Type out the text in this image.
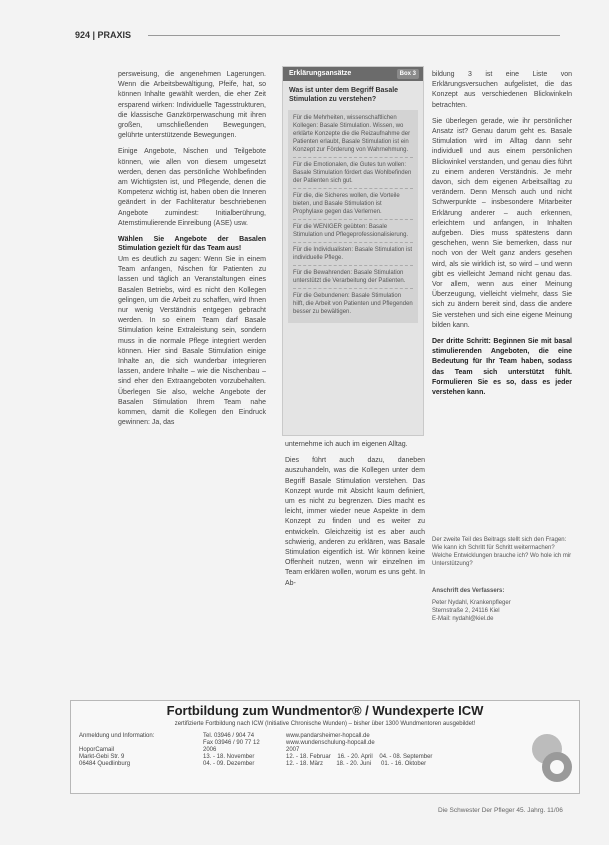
924 | PRAXIS

persweisung, die angenehmen Lagerungen. Wenn die Arbeitsbewältigung, Pfeife, hat, so können Inhalte gewählt werden, die eher Zeit ersparend wirken: Individuelle Tagesstrukturen, die klassische Ganzkörperwaschung mit ihren großen, umschließenden Bewegungen, gelührte unterstützende Bewegungen.

Einige Angebote, Nischen und Teilgebote können, wie allen von diesem umgesetzt werden, denen das persönliche Wohlbefinden am Wichtigsten ist, und Pflegende, denen die Kompetenz wichtig ist, haben oben die Inneren geändert in der Fachliteratur beschriebenen Angebote zumindest: Initialberührung, Atemstimulierende Einreibung (ASE) usw.

Wählen Sie Angebote der Basalen Stimulation gezielt für das Team aus!

Um es deutlich zu sagen: Wenn Sie in einem Team anfangen, Nischen für Patienten zu lassen und täglich an Veranstaltungen eines Basalen Betriebs, wird es nicht den Kollegen gelingen, um die Arbeit zu schaffen, wird Ihnen nur wenig Verständnis entgegen gebracht werden. In so einem Team darf Basale Stimulation keine Extraleistung sein, sondern muss in die normale Pflege integriert werden können. Hier sind Basale Stimulation einige Inhalte an, die sich wunderbar integrieren lassen, andere Inhalte – wie die Nischenbau – sind eher den Extraangeboten vorzubehalten. Überlegen Sie also, welche Angebote der Basalen Stimulation Ihrem Team nahe kommen, damit die Kollegen den Eindruck gewinnen: Ja, das

Erklärungsansätze	Box 3
Was ist unter dem Begriff Basale Stimulation zu verstehen?

Für die Mehrheiten, wissenschaftlichen Kollegen: Basale Stimulation. Wissen, wo erklärte Konzepte die die Reizaufnahme der Patienten erlaubt, Basale Stimulation ist ein Konzept zur Förderung von Wahrnehmung.

Für die Emotionalen, die Gutes tun wollen: Basale Stimulation fördert das Wohlbefinden der Patienten sich gut.

Für die, die Sicheres wollen, die Vorteile bieten, und Basale Stimulation ist Prophylaxe gegen das Verlernen.

Für die WENIGER geübten: Basale Stimulation und Pflegeprofessionalisierung.

Für die Individualisten: Basale Stimulation ist individuelle Pflege.

Für die Bewahrenden: Basale Stimulation unterstützt die Verarbeitung der Patienten.

Für die Gebundenen: Basale Stimulation hilft, die Arbeit von Patienten und Pflegenden besser zu bewältigen.

unternehme ich auch im eigenen Alltag.

Dies führt auch dazu, daneben auszuhandeln, was die Kollegen unter dem Begriff Basale Stimulation verstehen. Das Konzept wurde mit Absicht kaum definiert, um es nicht zu begrenzen. Dies macht es leicht, immer wieder neue Aspekte in dem Konzept zu finden und es weiter zu entwickeln. Gleichzeitig ist es aber auch schwierig, anderen zu erklären, was Basale Stimulation eigentlich ist. Wir können keine Offenheit nutzen, wenn wir einzelnen im Team erklären wollen, worum es uns geht. In Ab-

bildung 3 ist eine Liste von Erklärungsversuchen aufgelistet, die das Konzept aus verschiedenen Blickwinkeln betrachten.

Sie überlegen gerade, wie ihr persönlicher Ansatz ist? Genau darum geht es. Basale Stimulation wird im Alltag dann sehr individuell und aus einem persönlichen Blickwinkel verstanden, und genau dies führt zu einem anderen Verständnis. Je mehr davon, sich dem eigenen Arbeitsalltag zu verändern. Denn Mensch auch und nicht Schwerpunkte – insbesondere Mitarbeiter Erklärung anderer – auch erkennen, erleichtern und anfangen, in Inhalten aufgeben. Dies muss spätestens dann geschehen, wenn Sie bemerken, dass nur noch von der Welt ganz anders gesehen wird, als sie wirklich ist, so wird – und wenn gibt es vielleicht Jemand nicht genau das. Vor allem, wenn aus einer Meinung Überzeugung, vielleicht vielmehr, dass Sie sich zu ändern bereit sind, dass die andere Sie verstehen und sich eine eigene Meinung bilden kann.

Der dritte Schritt: Beginnen Sie mit basal stimulierenden Angeboten, die eine Bedeutung für Ihr Team haben, sodass das Team sich unterstützt fühlt. Formulieren Sie es so, dass es jeder verstehen kann.

Der zweite Teil des Beitrags stellt sich den Fragen: Wie kann ich Schritt für Schritt weitermachen? Welche Entwicklungen brauche ich? Wo hole ich mir Unterstützung?
Anschrift des Verfassers:
Peter Nydahl, Krankenpfleger
Sternstraße 2, 24116 Kiel
E-Mail: nydahl@kiel.de
Fortbildung zum Wundmentor® / Wundexperte ICW
zertifizierte Fortbildung nach ICW (Initiative Chronische Wunden) – bisher über 1300 Wundmentoren ausgebildet!
Anmeldung und Information:

HoporCamail
Markt-Gebi Str. 9
06484 Quedlinburg
Tel. 03946 / 904 74
Fax 03946 / 90 77 12
2006
13. - 18. November
04. - 09. Dezember
www.pandarsheimer-hopcall.de
www.wundenschulung-hopcall.de
2007
12. - 18. Februar    16. - 20. April    04. - 08. September
12. - 18. März        18. - 20. Juni      01. - 16. Oktober
Die Schwester Der Pfleger 45. Jahrg. 11/06
